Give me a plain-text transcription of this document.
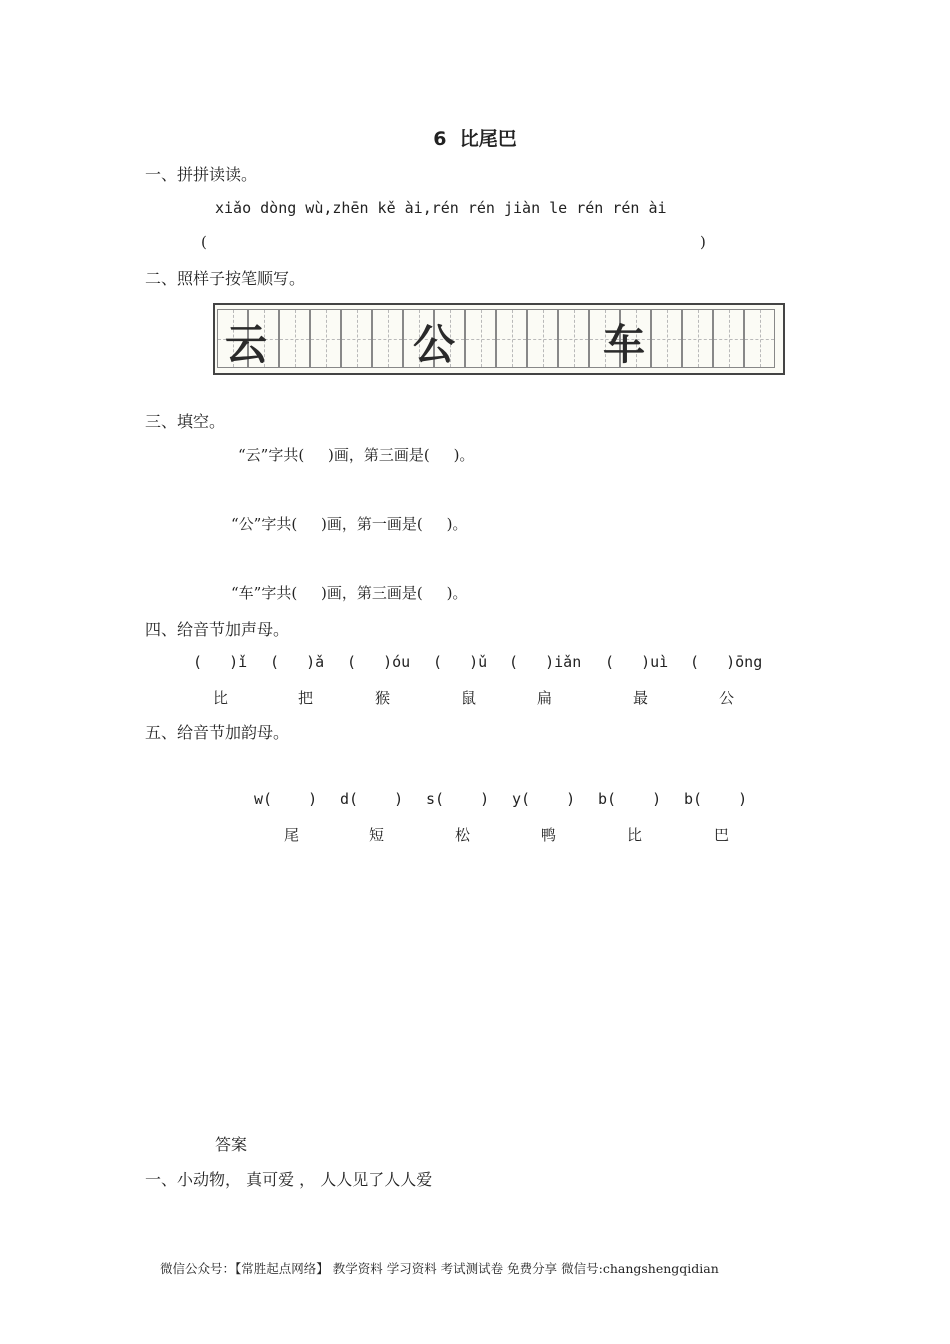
6  比尾巴
一、拼拼读读。
xiǎo dòng wù,zhēn kě ài,rén rén jiàn le rén rén ài
(	)
二、照样子按笔顺写。
云	公	车
三、填空。
“云”字共(     )画，第三画是(     )。
“公”字共(     )画，第一画是(     )。
“车”字共(     )画，第三画是(     )。
四、给音节加声母。
(   )ǐ (   )ǎ (   )óu (   )ǔ (   )iǎn (   )uì (   )ōng
比	把	猴	鼠	扁	最	公
五、给音节加韵母。
w(    ) d(    ) s(    ) y(    ) b(    ) b(    )
尾	短	松	鸭	比	巴
答案
一、小动物， 真可爱 ， 人人见了人人爱
微信公众号：【常胜起点网络】 教学资料 学习资料 考试测试卷 免费分享 微信号:changshengqidian
